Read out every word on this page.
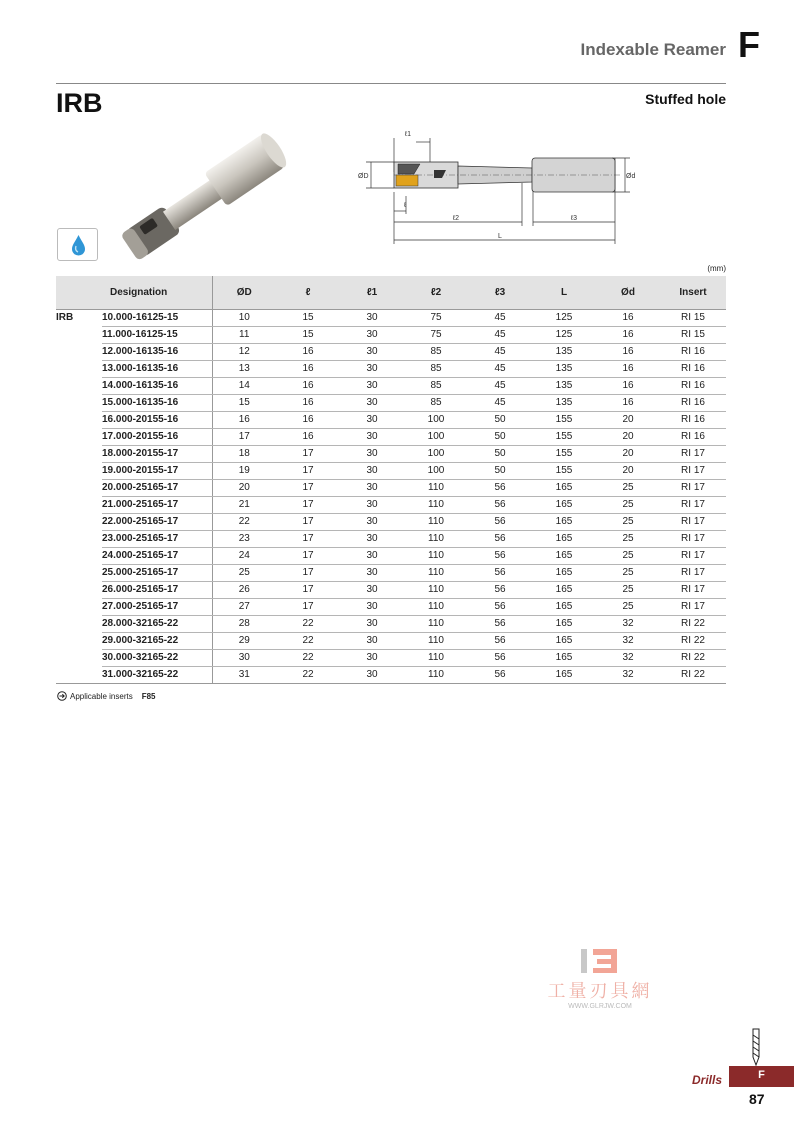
Indexable Reamer F
IRB	Stuffed hole
ℓ1
ℓ
ℓ2	ℓ3
L
ØD	Ød
(mm)
	Designation	ØD	ℓ	ℓ1	ℓ2	ℓ3	L	Ød	Insert
IRB	10.000-16125-15	10	15	30	75	45	125	16	RI 15
	11.000-16125-15	11	15	30	75	45	125	16	RI 15
	12.000-16135-16	12	16	30	85	45	135	16	RI 16
	13.000-16135-16	13	16	30	85	45	135	16	RI 16
	14.000-16135-16	14	16	30	85	45	135	16	RI 16
	15.000-16135-16	15	16	30	85	45	135	16	RI 16
	16.000-20155-16	16	16	30	100	50	155	20	RI 16
	17.000-20155-16	17	16	30	100	50	155	20	RI 16
	18.000-20155-17	18	17	30	100	50	155	20	RI 17
	19.000-20155-17	19	17	30	100	50	155	20	RI 17
	20.000-25165-17	20	17	30	110	56	165	25	RI 17
	21.000-25165-17	21	17	30	110	56	165	25	RI 17
	22.000-25165-17	22	17	30	110	56	165	25	RI 17
	23.000-25165-17	23	17	30	110	56	165	25	RI 17
	24.000-25165-17	24	17	30	110	56	165	25	RI 17
	25.000-25165-17	25	17	30	110	56	165	25	RI 17
	26.000-25165-17	26	17	30	110	56	165	25	RI 17
	27.000-25165-17	27	17	30	110	56	165	25	RI 17
	28.000-32165-22	28	22	30	110	56	165	32	RI 22
	29.000-32165-22	29	22	30	110	56	165	32	RI 22
	30.000-32165-22	30	22	30	110	56	165	32	RI 22
	31.000-32165-22	31	22	30	110	56	165	32	RI 22
Applicable inserts F85
工量刃具網
WWW.GLRJW.COM
Drills	F
87
